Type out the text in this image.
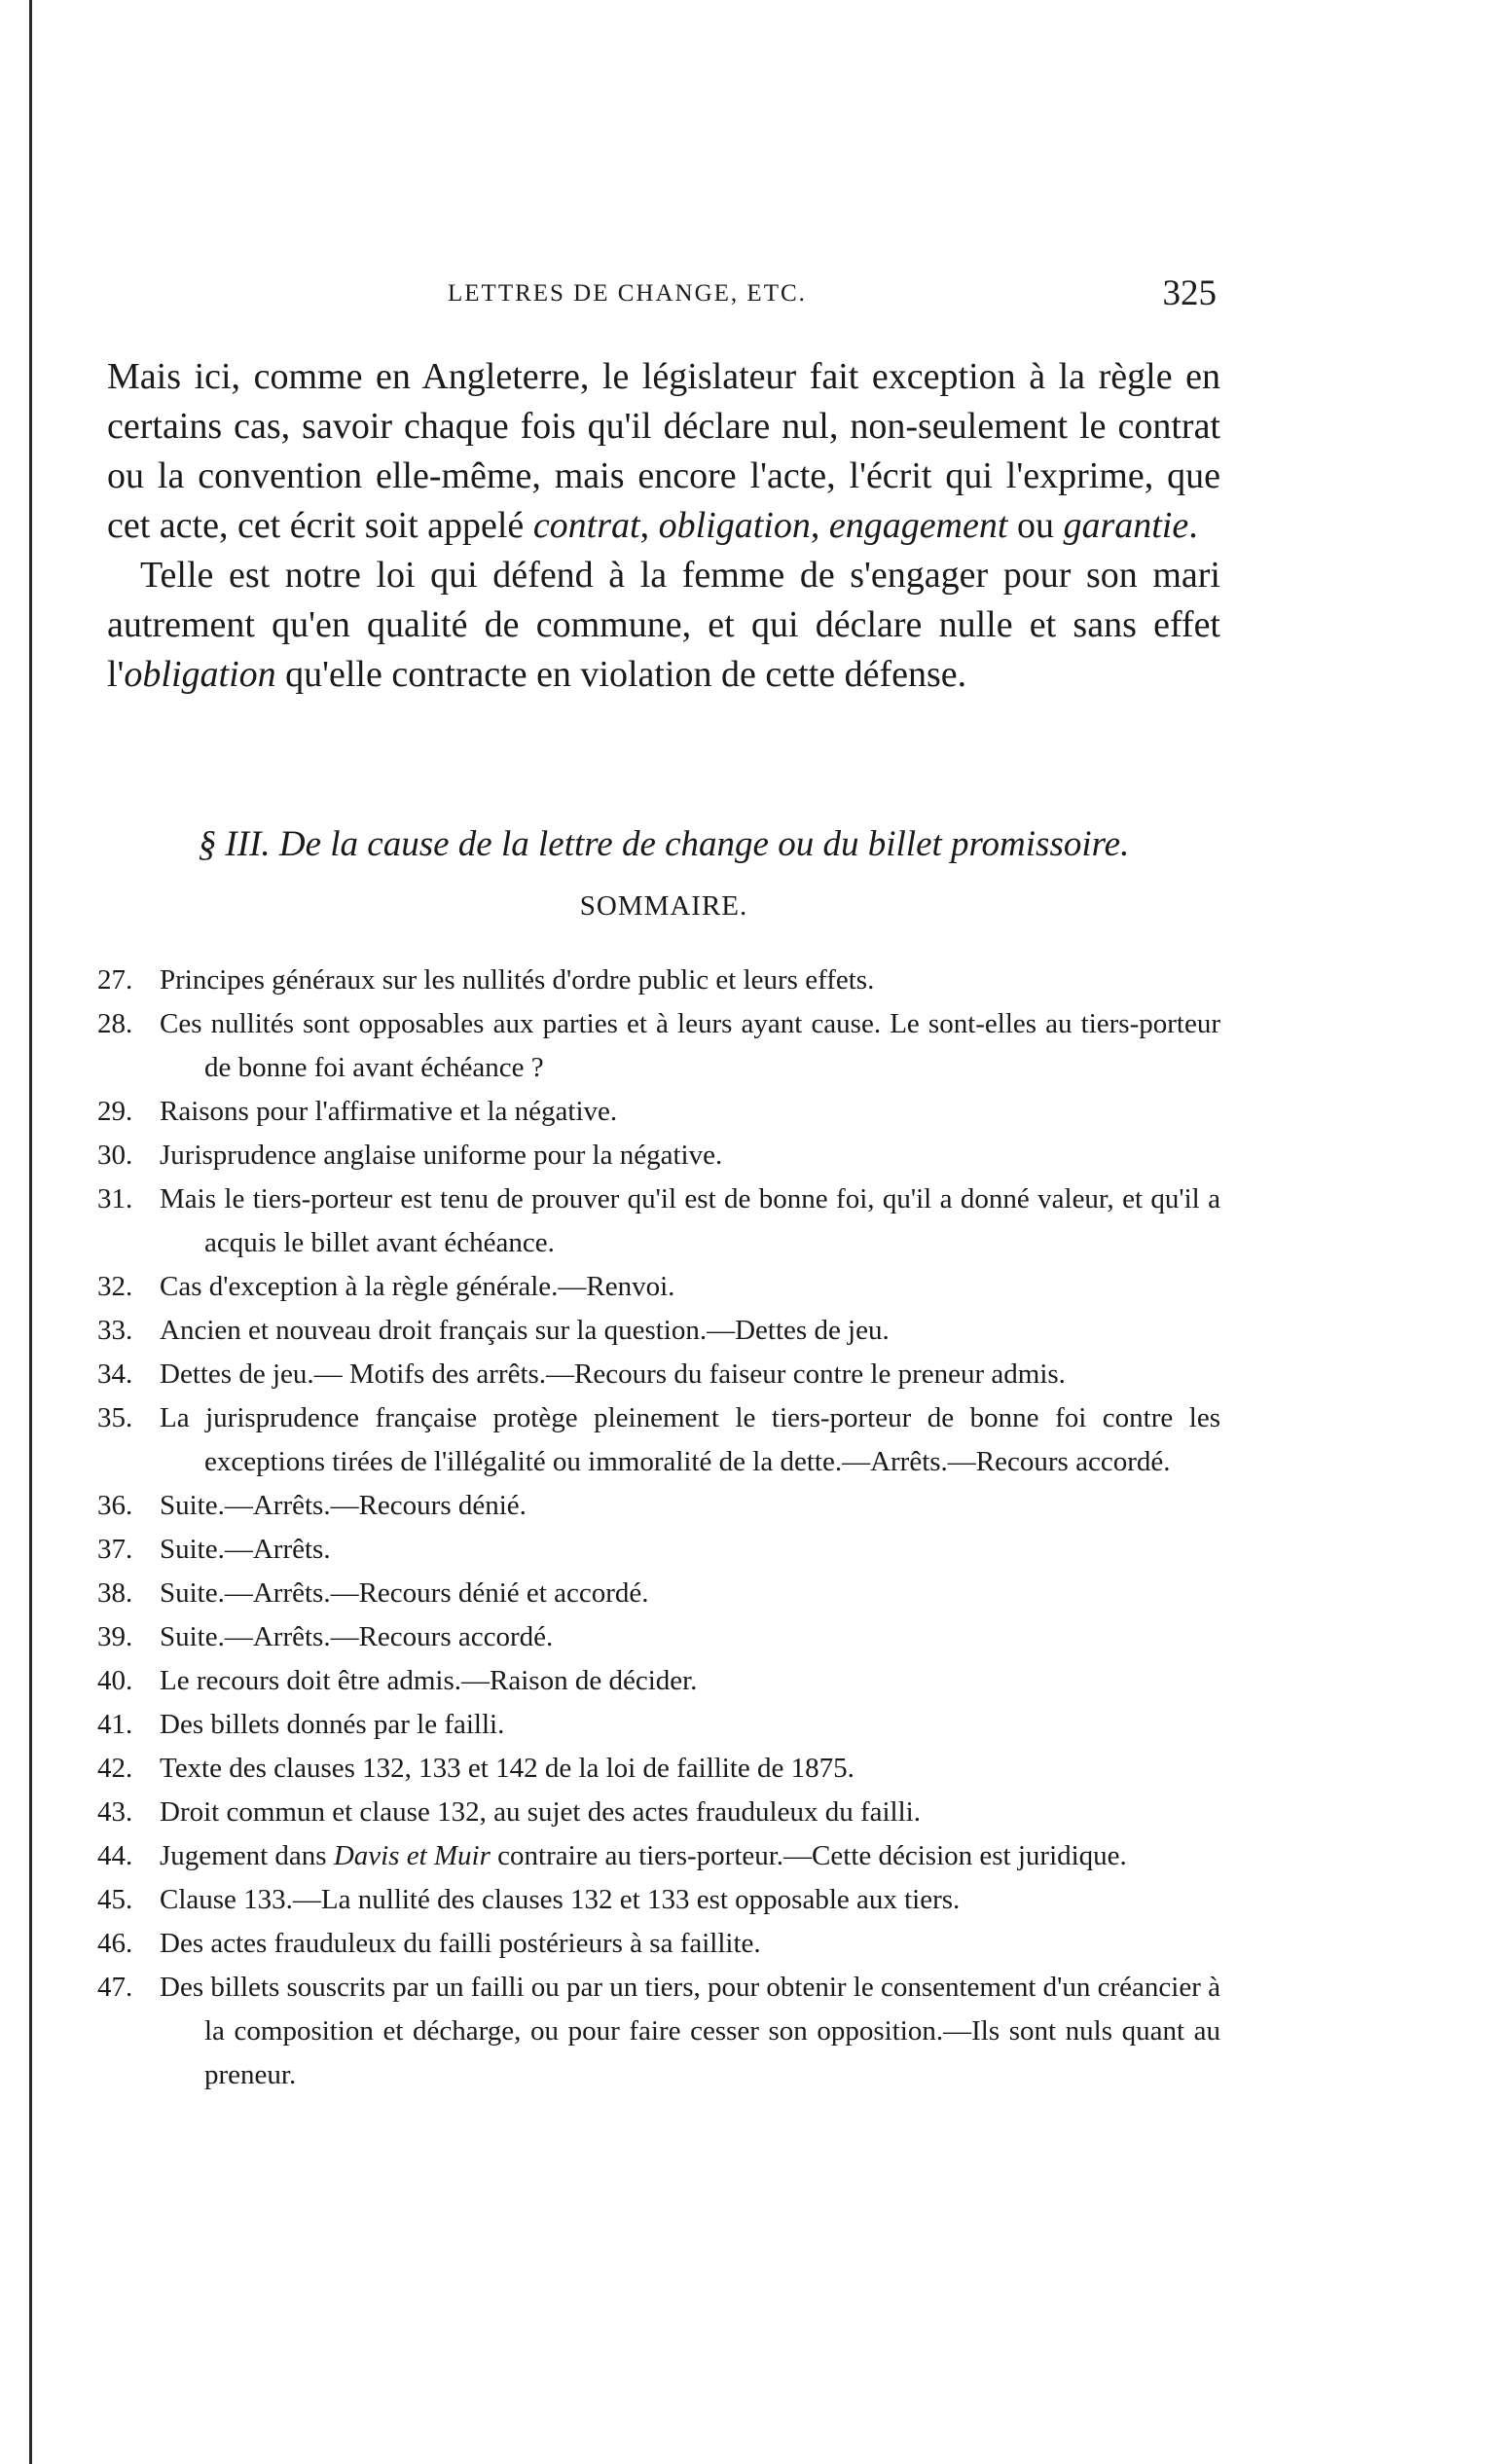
LETTRES DE CHANGE, ETC.	325

Mais ici, comme en Angleterre, le législateur fait exception à la règle en certains cas, savoir chaque fois qu'il déclare nul, non-seulement le contrat ou la convention elle-même, mais encore l'acte, l'écrit qui l'exprime, que cet acte, cet écrit soit appelé contrat, obligation, engagement ou garantie.

Telle est notre loi qui défend à la femme de s'engager pour son mari autrement qu'en qualité de commune, et qui déclare nulle et sans effet l'obligation qu'elle contracte en violation de cette défense.

§ III. De la cause de la lettre de change ou du billet promissoire.
SOMMAIRE.
27. Principes généraux sur les nullités d'ordre public et leurs effets.
28. Ces nullités sont opposables aux parties et à leurs ayant cause. Le sont-elles au tiers-porteur de bonne foi avant échéance ?
29. Raisons pour l'affirmative et la négative.
30. Jurisprudence anglaise uniforme pour la négative.
31. Mais le tiers-porteur est tenu de prouver qu'il est de bonne foi, qu'il a donné valeur, et qu'il a acquis le billet avant échéance.
32. Cas d'exception à la règle générale.—Renvoi.
33. Ancien et nouveau droit français sur la question.—Dettes de jeu.
34. Dettes de jeu.— Motifs des arrêts.—Recours du faiseur contre le preneur admis.
35. La jurisprudence française protège pleinement le tiers-porteur de bonne foi contre les exceptions tirées de l'illégalité ou immoralité de la dette.—Arrêts.—Recours accordé.
36. Suite.—Arrêts.—Recours dénié.
37. Suite.—Arrêts.
38. Suite.—Arrêts.—Recours dénié et accordé.
39. Suite.—Arrêts.—Recours accordé.
40. Le recours doit être admis.—Raison de décider.
41. Des billets donnés par le failli.
42. Texte des clauses 132, 133 et 142 de la loi de faillite de 1875.
43. Droit commun et clause 132, au sujet des actes frauduleux du failli.
44. Jugement dans Davis et Muir contraire au tiers-porteur.—Cette décision est juridique.
45. Clause 133.—La nullité des clauses 132 et 133 est opposable aux tiers.
46. Des actes frauduleux du failli postérieurs à sa faillite.
47. Des billets souscrits par un failli ou par un tiers, pour obtenir le consentement d'un créancier à la composition et décharge, ou pour faire cesser son opposition.—Ils sont nuls quant au preneur.
